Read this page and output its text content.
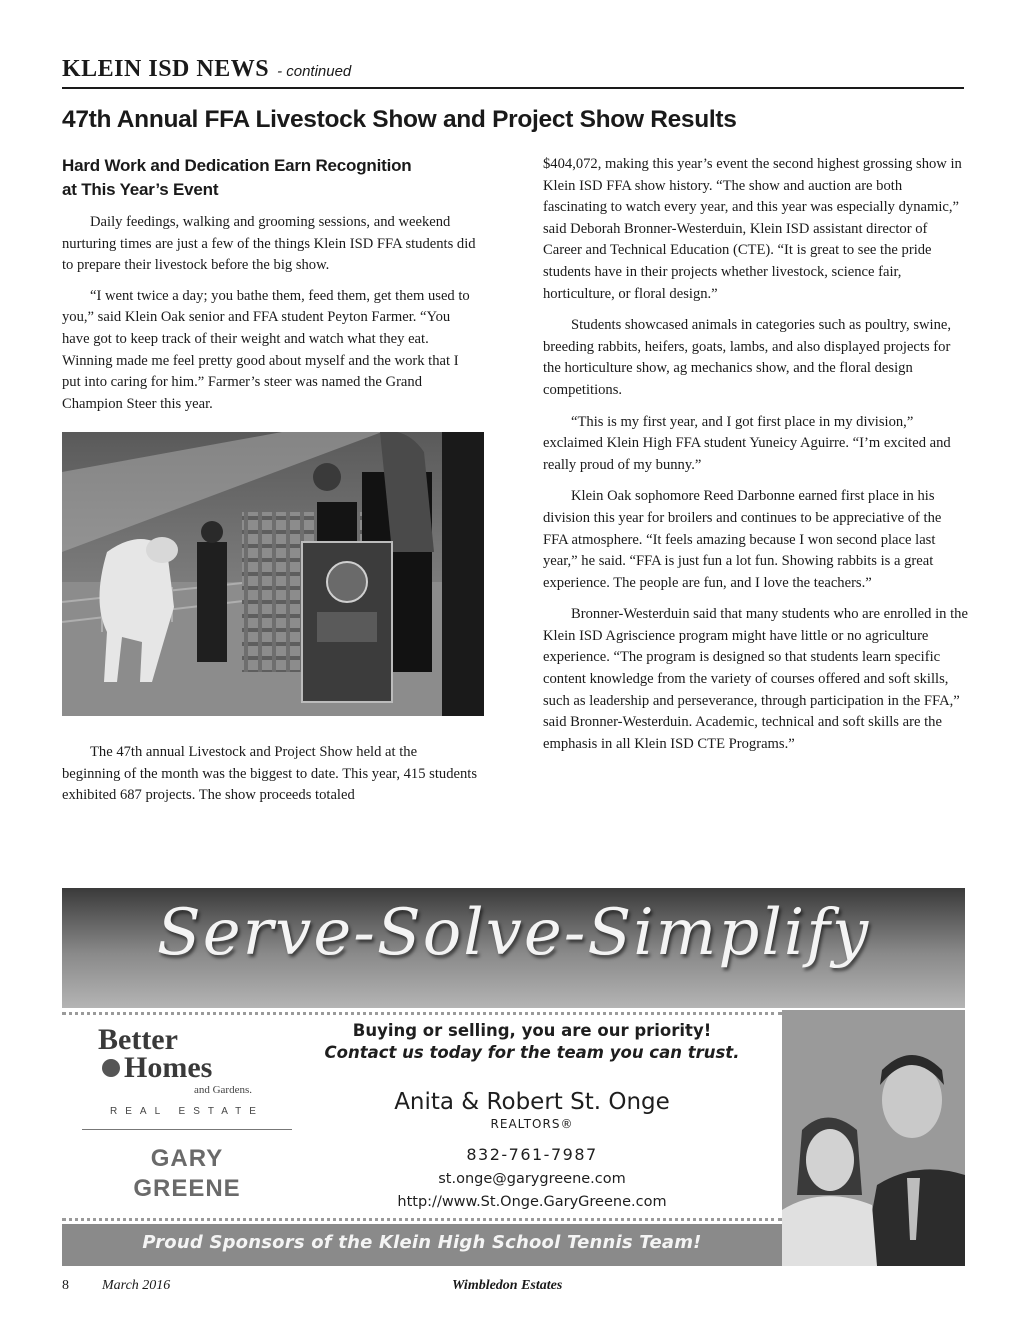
KLEIN ISD NEWS - continued
47th Annual FFA Livestock Show and Project Show Results
Hard Work and Dedication Earn Recognition
at This Year’s Event

Daily feedings, walking and grooming sessions, and weekend nurturing times are just a few of the things Klein ISD FFA students did to prepare their livestock before the big show.

“I went twice a day; you bathe them, feed them, get them used to you,” said Klein Oak senior and FFA student Peyton Farmer. “You have got to keep track of their weight and watch what they eat. Winning made me feel pretty good about myself and the work that I put into caring for him.” Farmer’s steer was named the Grand Champion Steer this year.

The 47th annual Livestock and Project Show held at the beginning of the month was the biggest to date. This year, 415 students exhibited 687 projects. The show proceeds totaled

$404,072, making this year’s event the second highest grossing show in Klein ISD FFA show history. “The show and auction are both fascinating to watch every year, and this year was especially dynamic,” said Deborah Bronner-Westerduin, Klein ISD assistant director of Career and Technical Education (CTE). “It is great to see the pride students have in their projects whether livestock, science fair, horticulture, or floral design.”

Students showcased animals in categories such as poultry, swine, breeding rabbits, heifers, goats, lambs, and also displayed projects for the horticulture show, ag mechanics show, and the floral design competitions.

“This is my first year, and I got first place in my division,” exclaimed Klein High FFA student Yuneicy Aguirre. “I’m excited and really proud of my bunny.”

Klein Oak sophomore Reed Darbonne earned first place in his division this year for broilers and continues to be appreciative of the FFA atmosphere. “It feels amazing because I won second place last year,” he said. “FFA is just fun a lot fun. Showing rabbits is a great experience. The people are fun, and I love the teachers.”

Bronner-Westerduin said that many students who are enrolled in the Klein ISD Agriscience program might have little or no agriculture experience. “The program is designed so that students learn specific content knowledge from the variety of courses offered and soft skills, such as leadership and perseverance, through participation in the FFA,” said Bronner-Westerduin. Academic, technical and soft skills are the emphasis in all Klein ISD CTE Programs.”

Serve-Solve-Simplify
Better
Homes
and Gardens.
REAL ESTATE
GARY
GREENE
Buying or selling, you are our priority!
Contact us today for the team you can trust.
Anita & Robert St. Onge
REALTORS®
832-761-7987
st.onge@garygreene.com
http://www.St.Onge.GaryGreene.com
Proud Sponsors of the Klein High School Tennis Team!
8 March 2016	Wimbledon Estates
